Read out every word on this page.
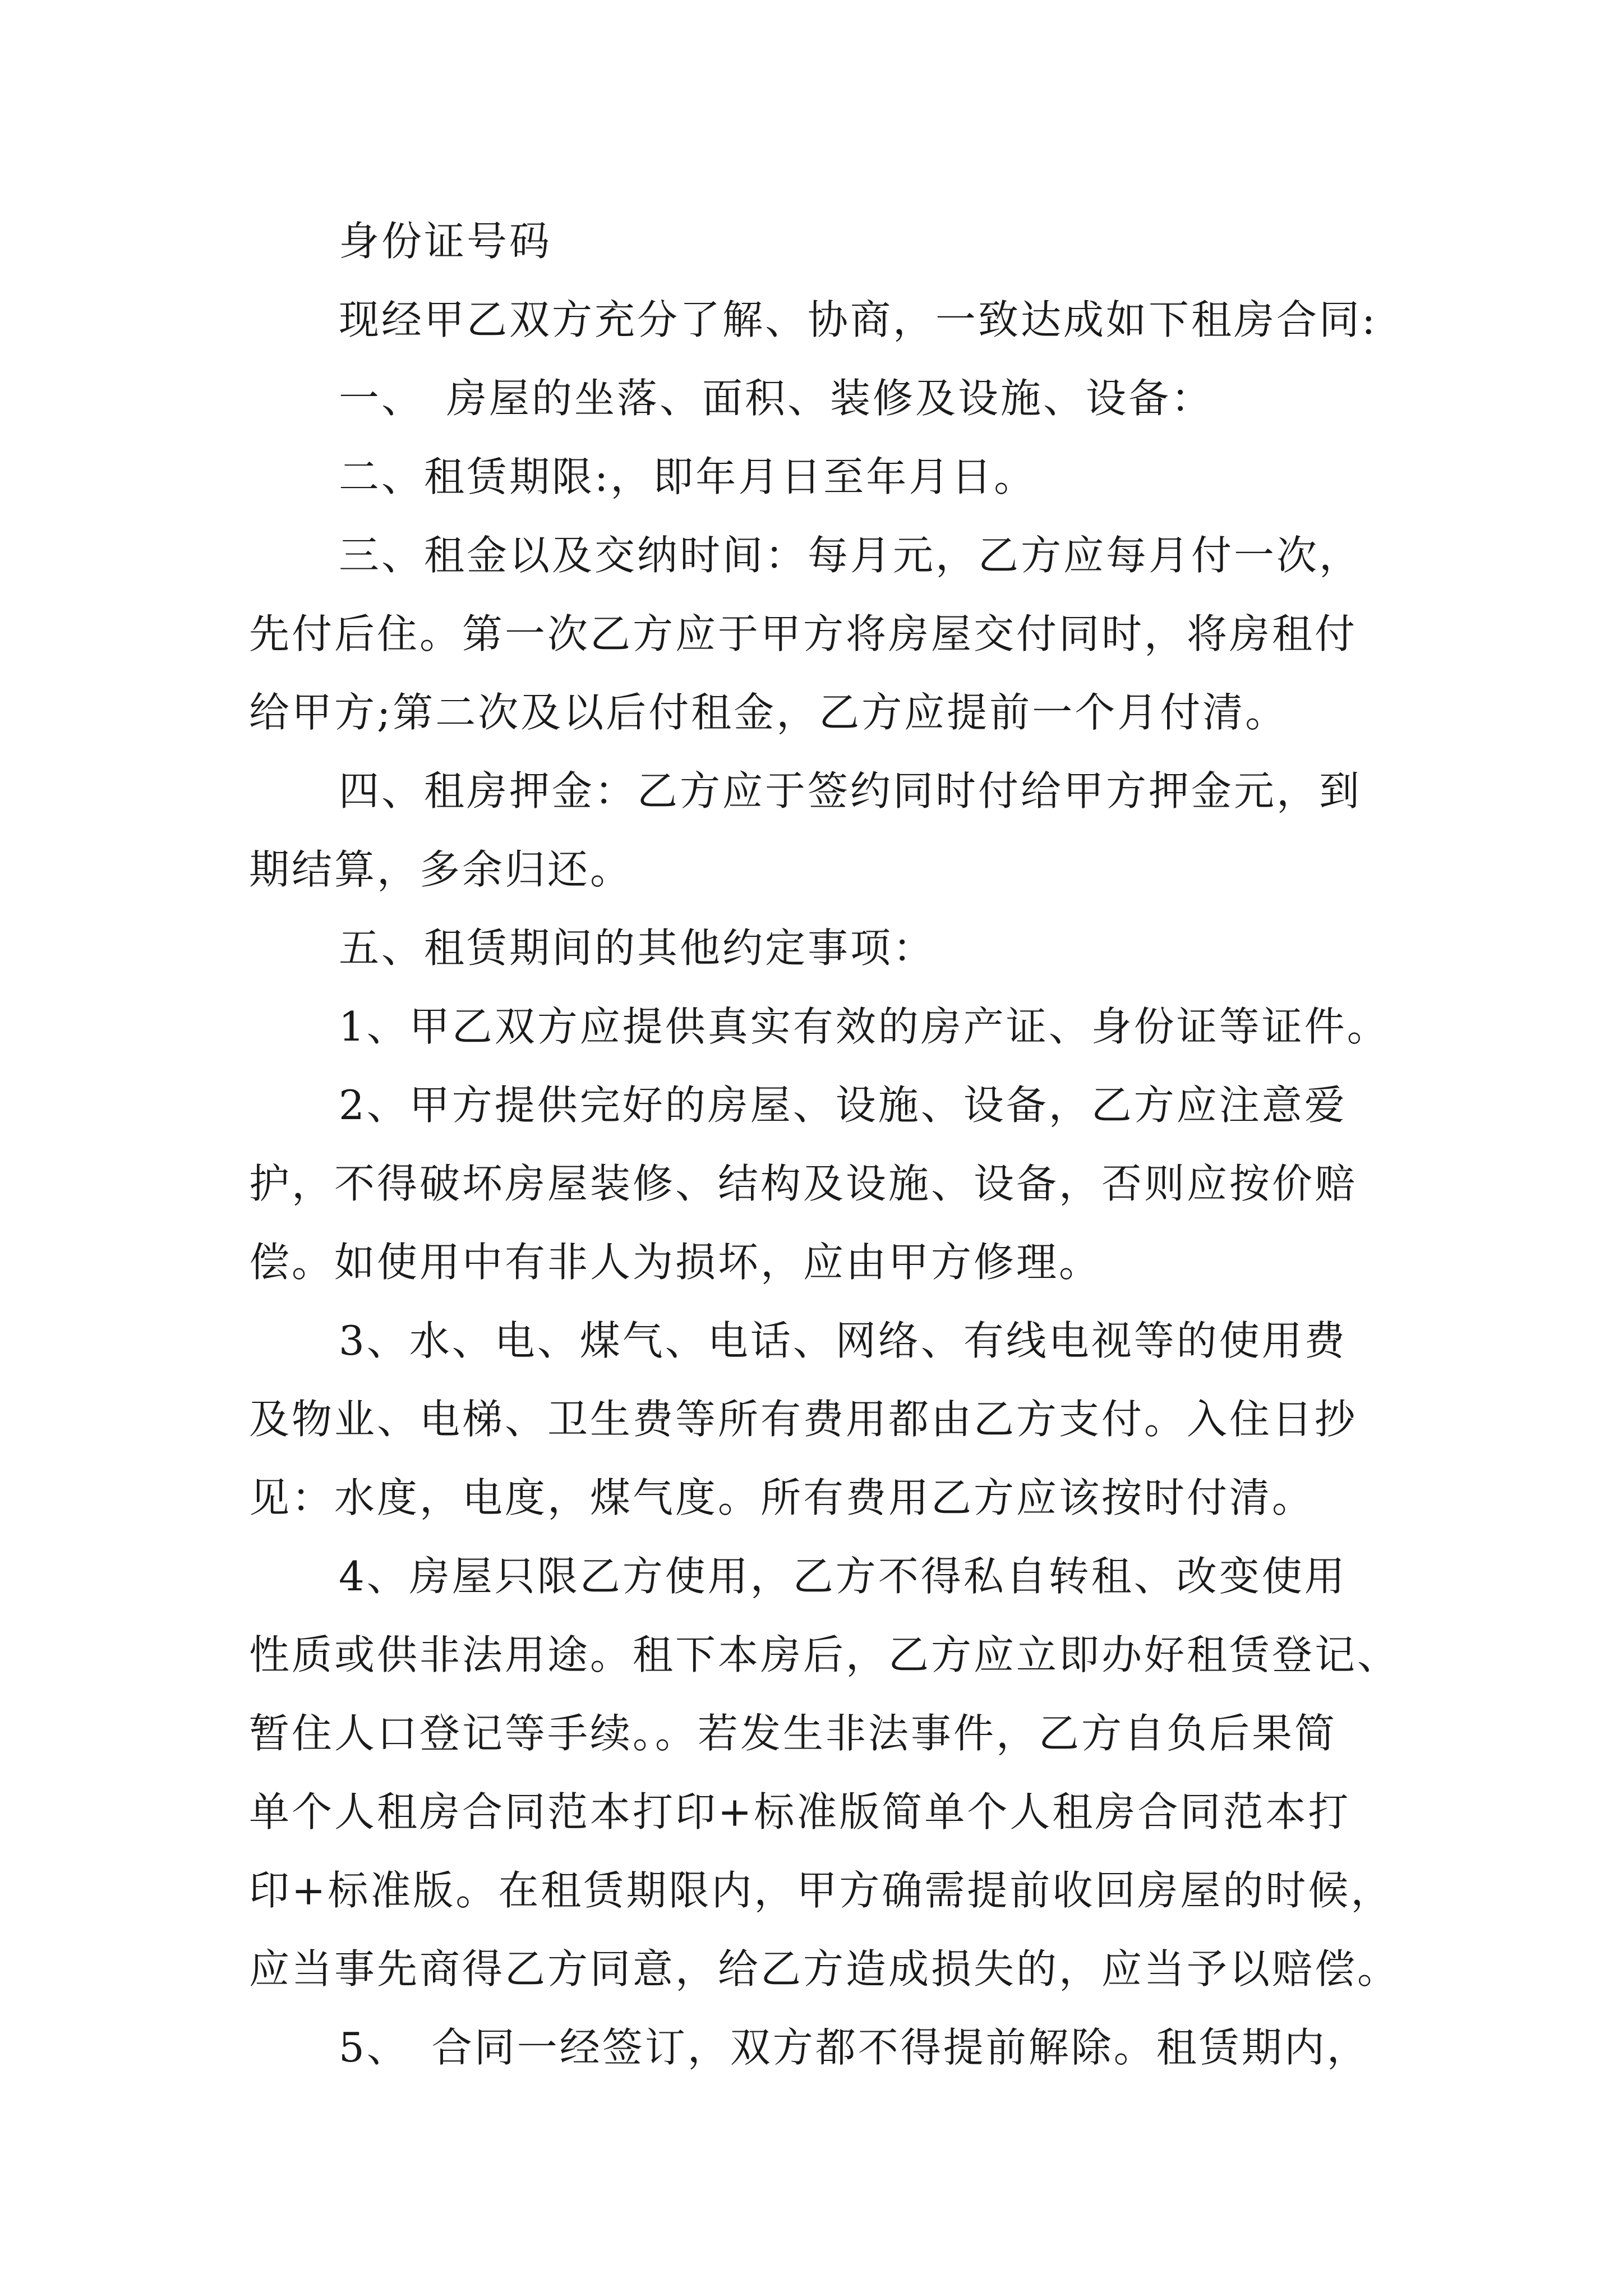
身份证号码
现经甲乙双方充分了解、协商，一致达成如下租房合同:
一、　房屋的坐落、面积、装修及设施、设备：
二、租赁期限:，即年月日至年月日。
三、租金以及交纳时间：每月元，乙方应每月付一次，
先付后住。第一次乙方应于甲方将房屋交付同时，将房租付
给甲方;第二次及以后付租金，乙方应提前一个月付清。
四、租房押金：乙方应于签约同时付给甲方押金元，到
期结算，多余归还。
五、租赁期间的其他约定事项：
1、甲乙双方应提供真实有效的房产证、身份证等证件。
2、甲方提供完好的房屋、设施、设备，乙方应注意爱
护，不得破坏房屋装修、结构及设施、设备，否则应按价赔
偿。如使用中有非人为损坏，应由甲方修理。
3、水、电、煤气、电话、网络、有线电视等的使用费
及物业、电梯、卫生费等所有费用都由乙方支付。入住日抄
见：水度，电度，煤气度。所有费用乙方应该按时付清。
4、房屋只限乙方使用，乙方不得私自转租、改变使用
性质或供非法用途。租下本房后，乙方应立即办好租赁登记、
暂住人口登记等手续。。若发生非法事件，乙方自负后果简
单个人租房合同范本打印+标准版简单个人租房合同范本打
印+标准版。在租赁期限内，甲方确需提前收回房屋的时候，
应当事先商得乙方同意，给乙方造成损失的，应当予以赔偿。
5、　合同一经签订，双方都不得提前解除。租赁期内，
